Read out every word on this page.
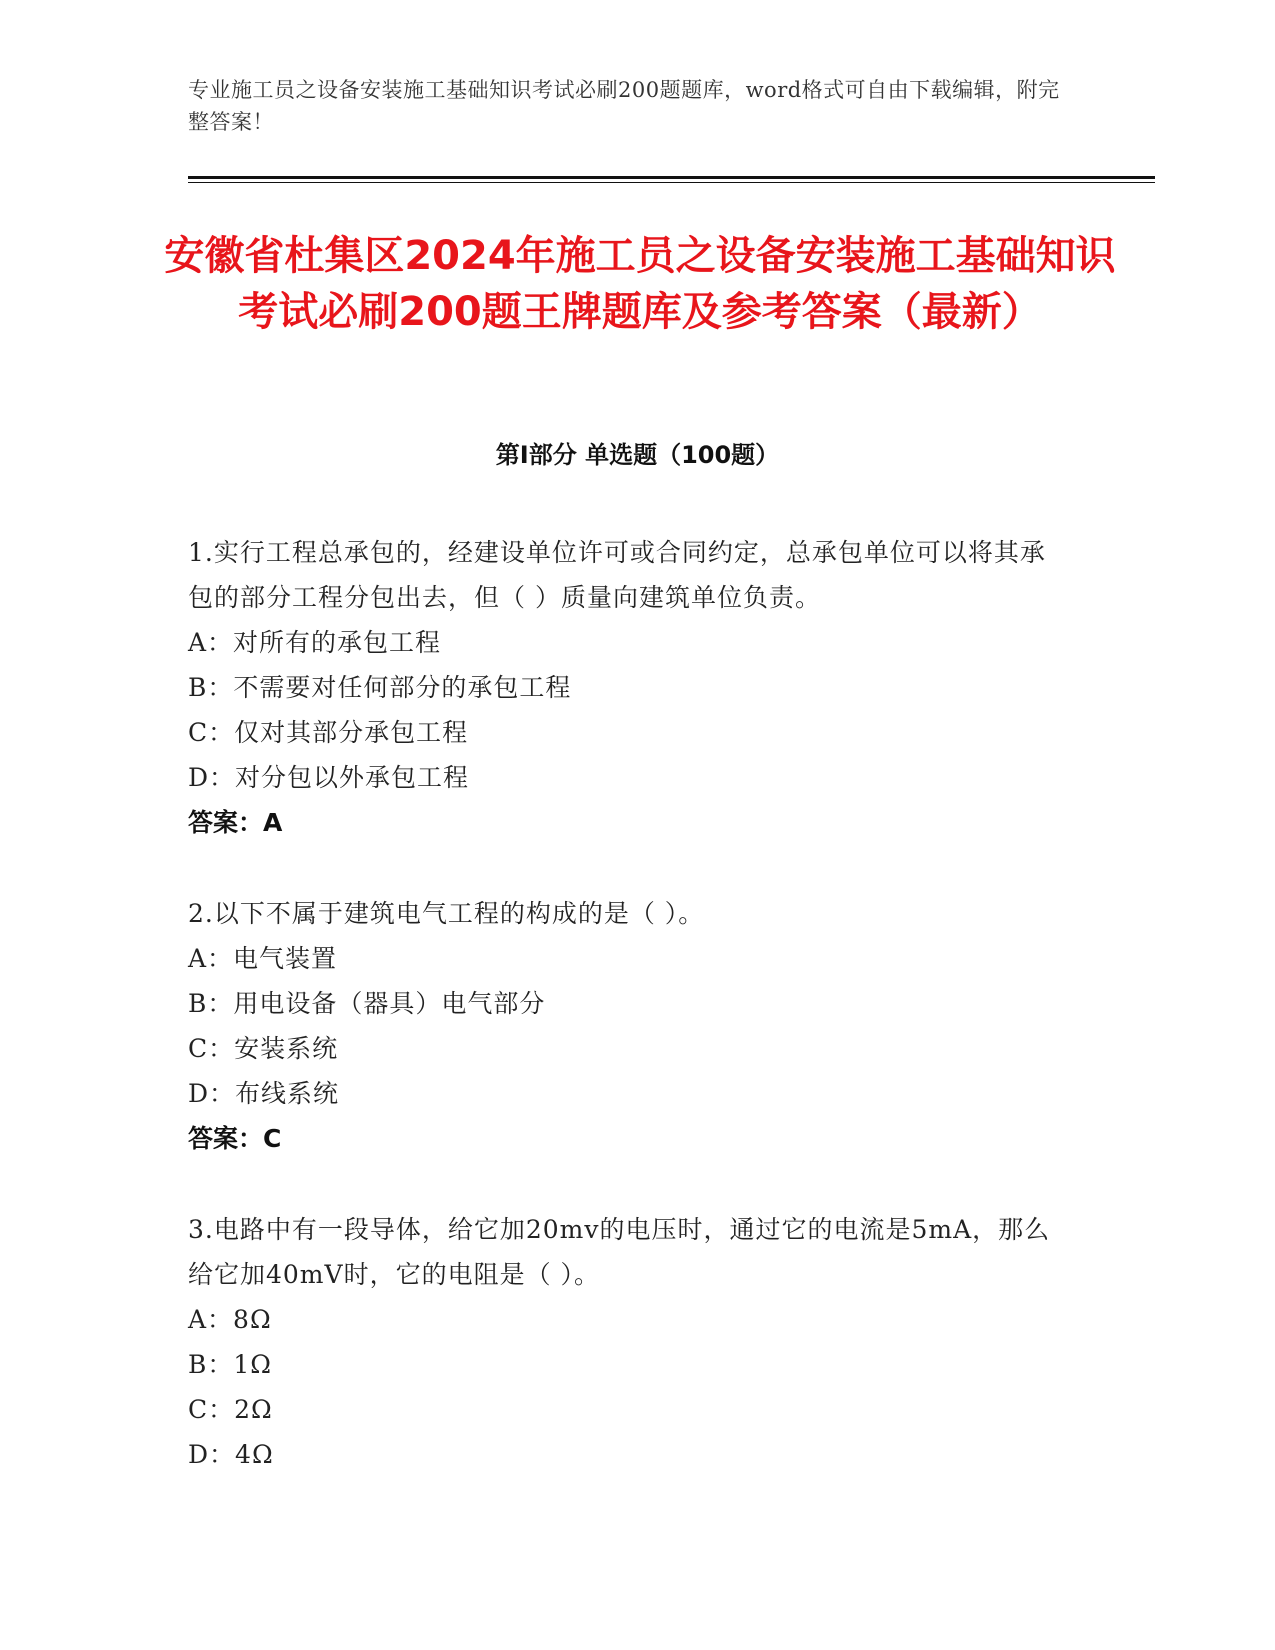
专业施工员之设备安装施工基础知识考试必刷200题题库，word格式可自由下载编辑，附完整答案！
安徽省杜集区2024年施工员之设备安装施工基础知识考试必刷200题王牌题库及参考答案（最新）
第Ⅰ部分 单选题（100题）
1.实行工程总承包的，经建设单位许可或合同约定，总承包单位可以将其承包的部分工程分包出去，但（ ）质量向建筑单位负责。
A：对所有的承包工程
B：不需要对任何部分的承包工程
C：仅对其部分承包工程
D：对分包以外承包工程
答案：A
2.以下不属于建筑电气工程的构成的是（ ）。
A：电气装置
B：用电设备（器具）电气部分
C：安装系统
D：布线系统
答案：C
3.电路中有一段导体，给它加20mv的电压时，通过它的电流是5mA，那么给它加40mV时，它的电阻是（ ）。
A：8Ω
B：1Ω
C：2Ω
D：4Ω
